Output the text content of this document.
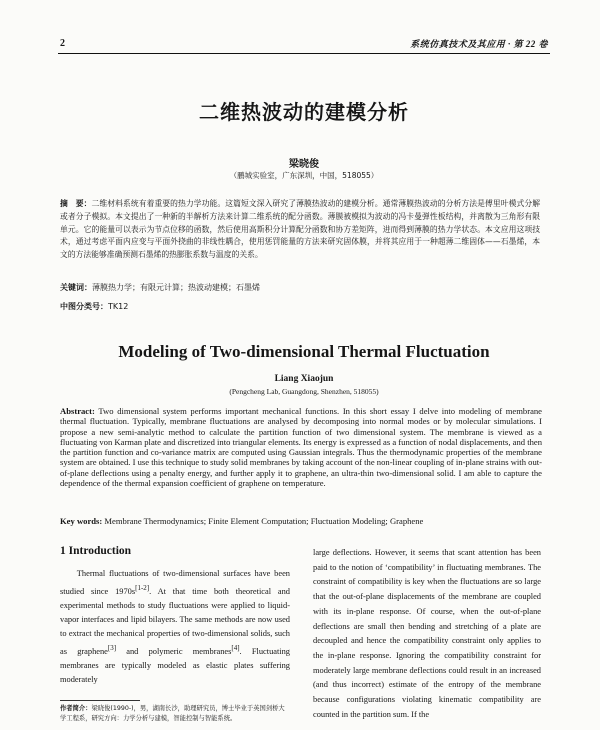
2	系统仿真技术及其应用 · 第 22 卷
二维热波动的建模分析
梁晓俊
（鹏城实验室，广东深圳，中国，518055）
摘　要：二维材料系统有着重要的热力学功能。这篇短文深入研究了薄膜热波动的建模分析。通常薄膜热波动的分析方法是傅里叶模式分解或者分子模拟。本文提出了一种新的半解析方法来计算二维系统的配分函数。薄膜被模拟为波动的冯卡曼弹性板结构，并离散为三角形有限单元。它的能量可以表示为节点位移的函数，然后使用高斯积分计算配分函数和协方差矩阵，进而得到薄膜的热力学状态。本文应用这项技术，通过考虑平面内应变与平面外挠曲的非线性耦合，使用惩罚能量的方法来研究固体膜，并将其应用于一种超薄二维固体——石墨烯，本文的方法能够准确预测石墨烯的热膨胀系数与温度的关系。
关键词：薄膜热力学；有限元计算；热波动建模；石墨烯
中图分类号：TK12
Modeling of Two-dimensional Thermal Fluctuation
Liang Xiaojun
(Pengcheng Lab, Guangdong, Shenzhen, 518055)
Abstract: Two dimensional system performs important mechanical functions. In this short essay I delve into modeling of membrane thermal fluctuation. Typically, membrane fluctuations are analysed by decomposing into normal modes or by molecular simulations. I propose a new semi-analytic method to calculate the partition function of two dimensional system. The membrane is viewed as a fluctuating von Karman plate and discretized into triangular elements. Its energy is expressed as a function of nodal displacements, and then the partition function and co-variance matrix are computed using Gaussian integrals. Thus the thermodynamic properties of the membrane system are obtained. I use this technique to study solid membranes by taking account of the non-linear coupling of in-plane strains with out-of-plane deflections using a penalty energy, and further apply it to graphene, an ultra-thin two-dimensional solid. I am able to capture the dependence of the thermal expansion coefficient of graphene on temperature.
Key words: Membrane Thermodynamics; Finite Element Computation; Fluctuation Modeling; Graphene
1 Introduction
Thermal fluctuations of two-dimensional surfaces have been studied since 1970s[1-2]. At that time both theoretical and experimental methods to study fluctuations were applied to liquid-vapor interfaces and lipid bilayers. The same methods are now used to extract the mechanical properties of two-dimensional solids, such as graphene[3] and polymeric membranes[4]. Fluctuating membranes are typically modeled as elastic plates suffering moderately
large deflections. However, it seems that scant attention has been paid to the notion of ‘compatibility’ in fluctuating membranes. The constraint of compatibility is key when the fluctuations are so large that the out-of-plane displacements of the membrane are coupled with its in-plane response. Of course, when the out-of-plane deflections are small then bending and stretching of a plate are decoupled and hence the compatibility constraint only applies to the in-plane response. Ignoring the compatibility constraint for moderately large membrane deflections could result in an increased (and thus incorrect) estimate of the entropy of the membrane because configurations violating kinematic compatibility are counted in the partition sum. If the
作者简介：梁晓俊(1990-)，男，湖南长沙，助理研究员，博士毕业于英国剑桥大学工程系，研究方向：力学分析与建模，智能控制与智能系统。
